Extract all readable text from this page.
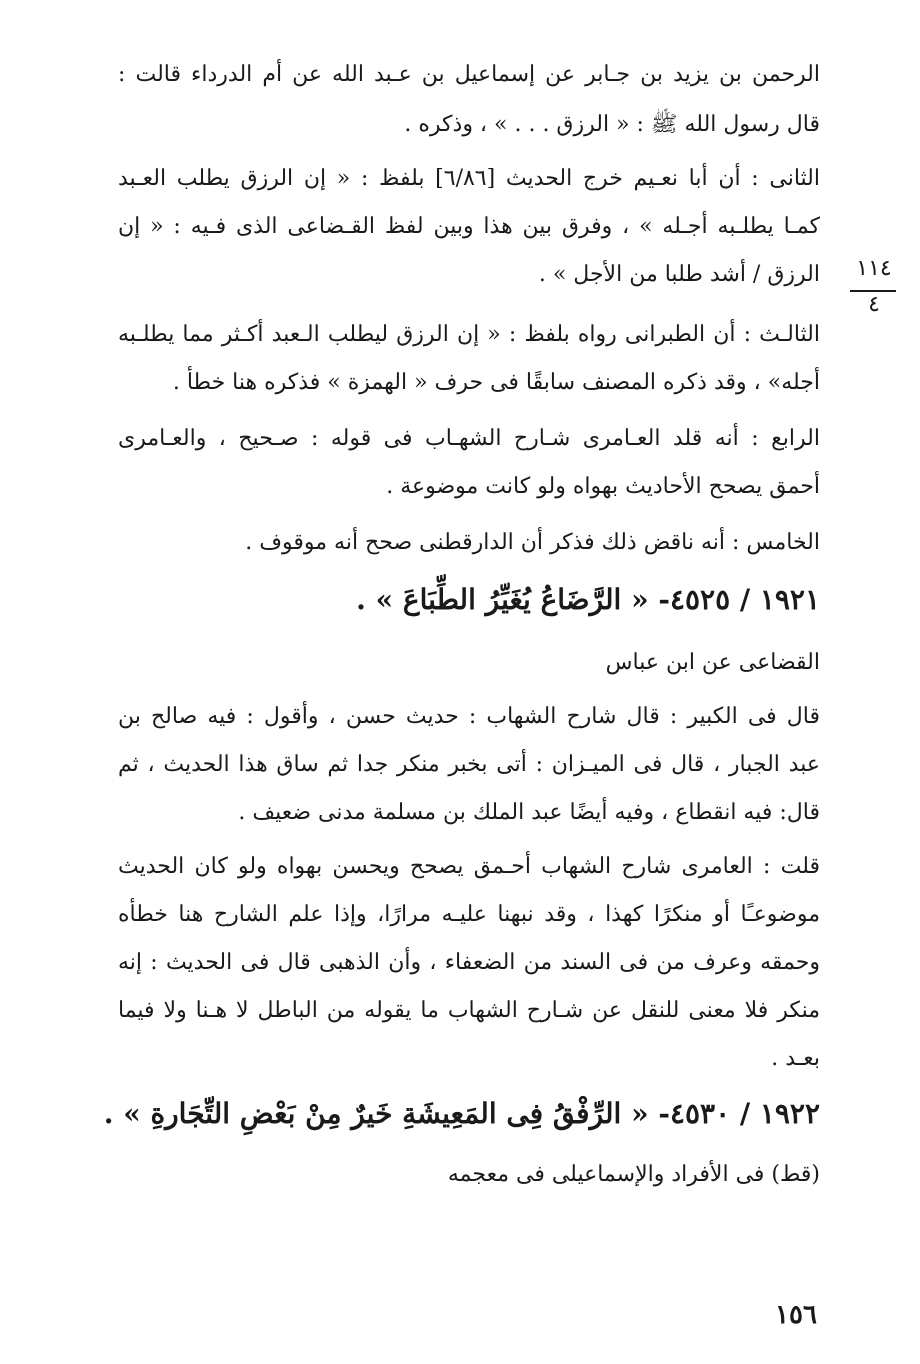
الرحمن بن يزيد بن جـابر عن إسماعيل بن عـبد الله عن أم الدرداء قالت :
قال رسول الله ﷺ : « الرزق . . . » ، وذكره .
الثانى : أن أبا نعـيم خرج الحديث [٦/٨٦] بلفظ : « إن الرزق يطلب العـبد
كمـا يطلـبه أجـله » ، وفرق بين هذا وبين لفظ القـضاعى الذى فـيه : « إن
الرزق / أشد طلبا من الأجل » .
الثالـث : أن الطبرانى رواه بلفظ : « إن الرزق ليطلب الـعبد أكـثر مما يطلـبه
أجله» ، وقد ذكره المصنف سابقًا فى حرف « الهمزة » فذكره هنا خطأ .
الرابع : أنه قلد العـامرى شـارح الشهـاب فى قوله : صـحيح ، والعـامرى
أحمق يصحح الأحاديث بهواه ولو كانت موضوعة .
الخامس : أنه ناقض ذلك فذكر أن الدارقطنى صحح أنه موقوف .
١٩٢١ / ٤٥٢٥- « الرَّضَاعُ يُغَيِّرُ الطِّبَاعَ » .
القضاعى عن ابن عباس
قال فى الكبير : قال شارح الشهاب : حديث حسن ، وأقول : فيه صالح بن
عبد الجبار ، قال فى الميـزان : أتى بخبر منكر جدا ثم ساق هذا الحديث ، ثم
قال: فيه انقطاع ، وفيه أيضًا عبد الملك بن مسلمة مدنى ضعيف .
قلت : العامرى شارح الشهاب أحـمق يصحح ويحسن بهواه ولو كان الحديث
موضوعـًا أو منكرًا كهذا ، وقد نبهنا عليـه مرارًا، وإذا علم الشارح هنا خطأه
وحمقه وعرف من فى السند من الضعفاء ، وأن الذهبى قال فى الحديث : إنه
منكر فلا معنى للنقل عن شـارح الشهاب ما يقوله من الباطل لا هـنا ولا فيما
بعـد .
١٩٢٢ / ٤٥٣٠- « الرِّفْقُ فِى المَعِيشَةِ خَيرٌ مِنْ بَعْضِ التِّجَارةِ » .
(قط) فى الأفراد والإسماعيلى فى معجمه
١١٤
٤
١٥٦
